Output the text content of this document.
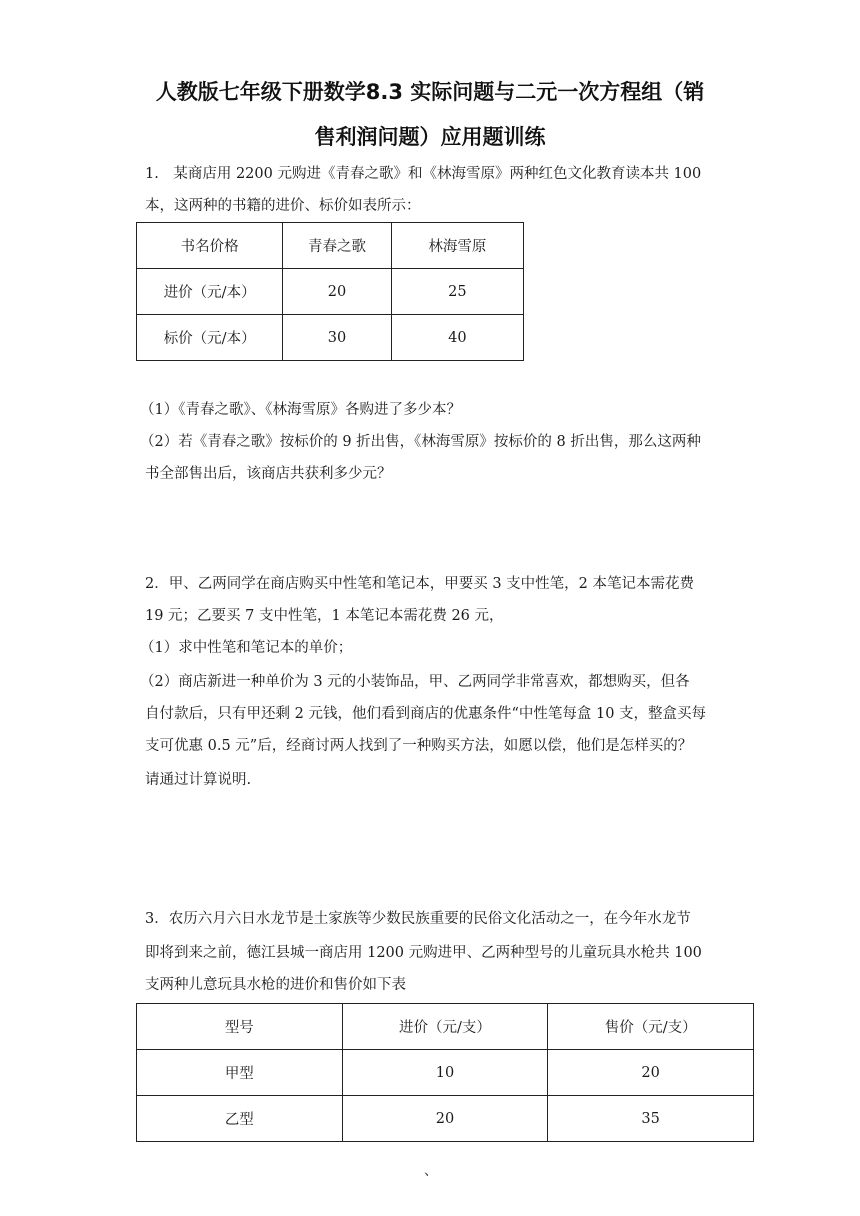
人教版七年级下册数学8.3 实际问题与二元一次方程组（销
售利润问题）应用题训练
1.　某商店用 2200 元购进《青春之歌》和《林海雪原》两种红色文化教育读本共 100
本，这两种的书籍的进价、标价如表所示：
书名价格	青春之歌	林海雪原
进价（元/本）	20	25
标价（元/本）	30	40
（1）《青春之歌》、《林海雪原》各购进了多少本？
（2）若《青春之歌》按标价的 9 折出售，《林海雪原》按标价的 8 折出售，那么这两种
书全部售出后，该商店共获利多少元？
2．甲、乙两同学在商店购买中性笔和笔记本，甲要买 3 支中性笔，2 本笔记本需花费
19 元；乙要买 7 支中性笔，1 本笔记本需花费 26 元，
（1）求中性笔和笔记本的单价；
（2）商店新进一种单价为 3 元的小装饰品，甲、乙两同学非常喜欢，都想购买，但各
自付款后，只有甲还剩 2 元钱，他们看到商店的优惠条件“中性笔每盒 10 支，整盒买每
支可优惠 0.5 元”后，经商讨两人找到了一种购买方法，如愿以偿，他们是怎样买的？
请通过计算说明.
3．农历六月六日水龙节是土家族等少数民族重要的民俗文化活动之一，在今年水龙节
即将到来之前，德江县城一商店用 1200 元购进甲、乙两种型号的儿童玩具水枪共 100
支两种儿意玩具水枪的进价和售价如下表
型号	进价（元/支）	售价（元/支）
甲型	10	20
乙型	20	35
、
